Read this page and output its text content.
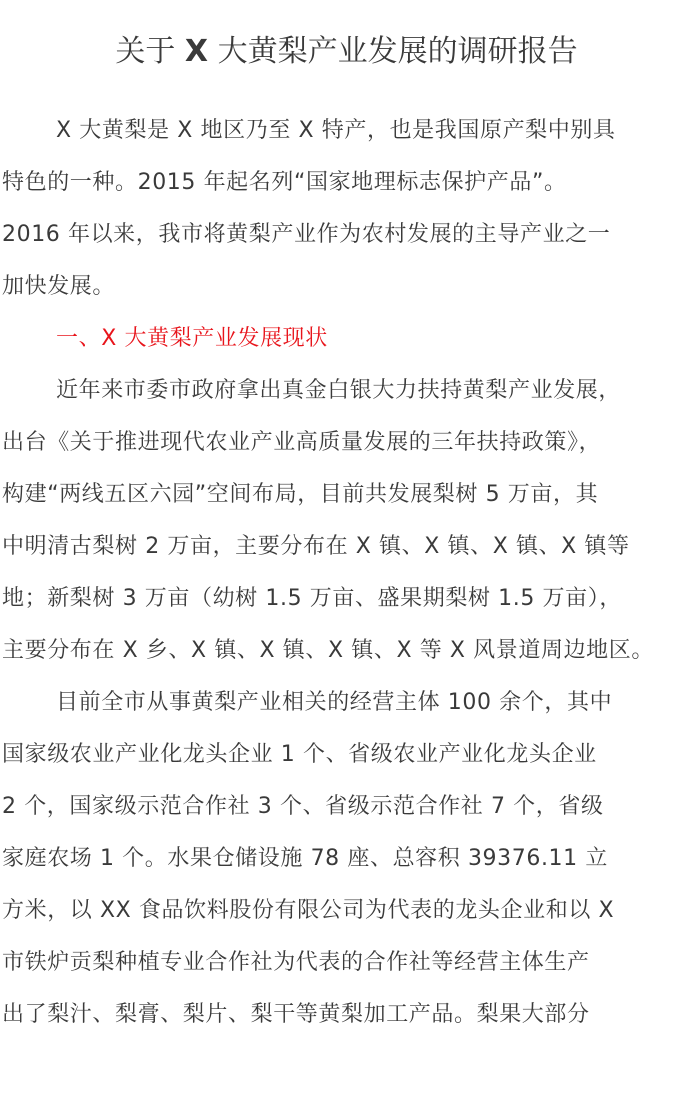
关于 X 大黄梨产业发展的调研报告
X 大黄梨是 X 地区乃至 X 特产，也是我国原产梨中别具
特色的一种。2015 年起名列“国家地理标志保护产品”。
2016 年以来，我市将黄梨产业作为农村发展的主导产业之一
加快发展。
一、X 大黄梨产业发展现状
近年来市委市政府拿出真金白银大力扶持黄梨产业发展，
出台《关于推进现代农业产业高质量发展的三年扶持政策》，
构建“两线五区六园”空间布局，目前共发展梨树 5 万亩，其
中明清古梨树 2 万亩，主要分布在 X 镇、X 镇、X 镇、X 镇等
地；新梨树 3 万亩（幼树 1.5 万亩、盛果期梨树 1.5 万亩），
主要分布在 X 乡、X 镇、X 镇、X 镇、X 等 X 风景道周边地区。
目前全市从事黄梨产业相关的经营主体 100 余个，其中
国家级农业产业化龙头企业 1 个、省级农业产业化龙头企业
2 个，国家级示范合作社 3 个、省级示范合作社 7 个，省级
家庭农场 1 个。水果仓储设施 78 座、总容积 39376.11 立
方米，以 XX 食品饮料股份有限公司为代表的龙头企业和以 X
市铁炉贡梨种植专业合作社为代表的合作社等经营主体生产
出了梨汁、梨膏、梨片、梨干等黄梨加工产品。梨果大部分
